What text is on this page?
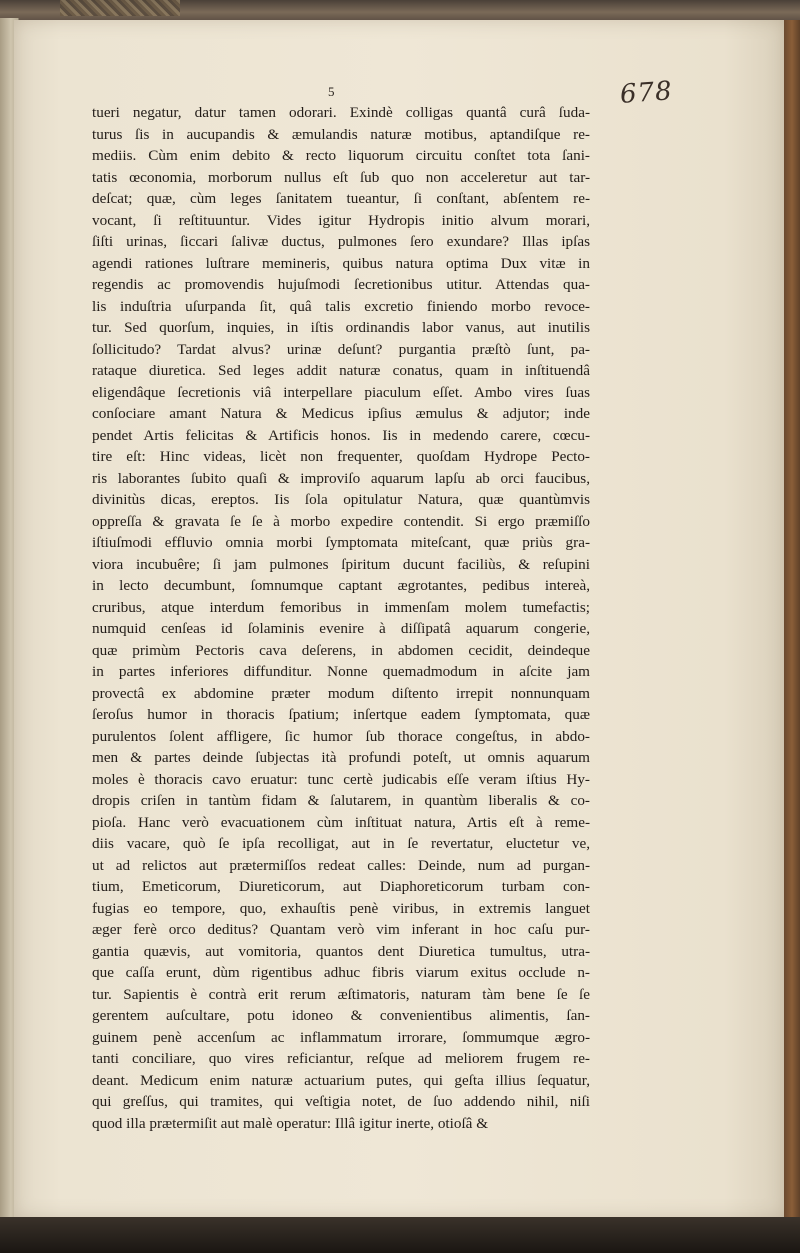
678
5
tueri negatur, datur tamen odorari. Exindè colligas quantâ curâ ſuda-
turus ſis in aucupandis & æmulandis naturæ motibus, aptandiſque re-
mediis. Cùm enim debito & recto liquorum circuitu conſtet tota ſani-
tatis œconomia, morborum nullus eſt ſub quo non acceleretur aut tar-
deſcat; quæ, cùm leges ſanitatem tueantur, ſi conſtant, abſentem re-
vocant, ſi reſtituuntur. Vides igitur Hydropis initio alvum morari,
ſiſti urinas, ſiccari ſalivæ ductus, pulmones ſero exundare? Illas ipſas
agendi rationes luſtrare memineris, quibus natura optima Dux vitæ in
regendis ac promovendis hujuſmodi ſecretionibus utitur. Attendas qua-
lis induſtria uſurpanda ſit, quâ talis excretio finiendo morbo revoce-
tur. Sed quorſum, inquies, in iſtis ordinandis labor vanus, aut inutilis
ſollicitudo? Tardat alvus? urinæ deſunt? purgantia præſtò ſunt, pa-
rataque diuretica. Sed leges addit naturæ conatus, quam in inſtituendâ
eligendâque ſecretionis viâ interpellare piaculum eſſet. Ambo vires ſuas
conſociare amant Natura & Medicus ipſius æmulus & adjutor; inde
pendet Artis felicitas & Artificis honos. Iis in medendo carere, cœcu-
tire eſt: Hinc videas, licèt non frequenter, quoſdam Hydrope Pecto-
ris laborantes ſubito quaſi & improviſo aquarum lapſu ab orci faucibus,
divinitùs dicas, ereptos. Iis ſola opitulatur Natura, quæ quantùmvis
oppreſſa & gravata ſe ſe à morbo expedire contendit. Si ergo præmiſſo
iſtiuſmodi effluvio omnia morbi ſymptomata miteſcant, quæ priùs gra-
viora incubuêre; ſi jam pulmones ſpiritum ducunt faciliùs, & reſupini
in lecto decumbunt, ſomnumque captant ægrotantes, pedibus intereà,
cruribus, atque interdum femoribus in immenſam molem tumefactis;
numquid cenſeas id ſolaminis evenire à diſſipatâ aquarum congerie,
quæ primùm Pectoris cava deſerens, in abdomen cecidit, deindeque
in partes inferiores diffunditur. Nonne quemadmodum in aſcite jam
provectâ ex abdomine præter modum diſtento irrepit nonnunquam
ſeroſus humor in thoracis ſpatium; inſertque eadem ſymptomata, quæ
purulentos ſolent affligere, ſic humor ſub thorace congeſtus, in abdo-
men & partes deinde ſubjectas ità profundi poteſt, ut omnis aquarum
moles è thoracis cavo eruatur: tunc certè judicabis eſſe veram iſtius Hy-
dropis criſen in tantùm fidam & ſalutarem, in quantùm liberalis & co-
pioſa. Hanc verò evacuationem cùm inſtituat natura, Artis eſt à reme-
diis vacare, quò ſe ipſa recolligat, aut in ſe revertatur, eluctetur ve,
ut ad relictos aut prætermiſſos redeat calles: Deinde, num ad purgan-
tium, Emeticorum, Diureticorum, aut Diaphoreticorum turbam con-
fugias eo tempore, quo, exhauſtis penè viribus, in extremis languet
æger ferè orco deditus? Quantam verò vim inferant in hoc caſu pur-
gantia quævis, aut vomitoria, quantos dent Diuretica tumultus, utra-
que caſſa erunt, dùm rigentibus adhuc fibris viarum exitus occlude n-
tur. Sapientis è contrà erit rerum æſtimatoris, naturam tàm bene ſe ſe
gerentem auſcultare, potu idoneo & convenientibus alimentis, ſan-
guinem penè accenſum ac inflammatum irrorare, ſommumque ægro-
tanti conciliare, quo vires reficiantur, reſque ad meliorem frugem re-
deant. Medicum enim naturæ actuarium putes, qui geſta illius ſequatur,
qui greſſus, qui tramites, qui veſtigia notet, de ſuo addendo nihil, niſi
quod illa prætermiſit aut malè operatur: Illâ igitur inerte, otioſâ &
